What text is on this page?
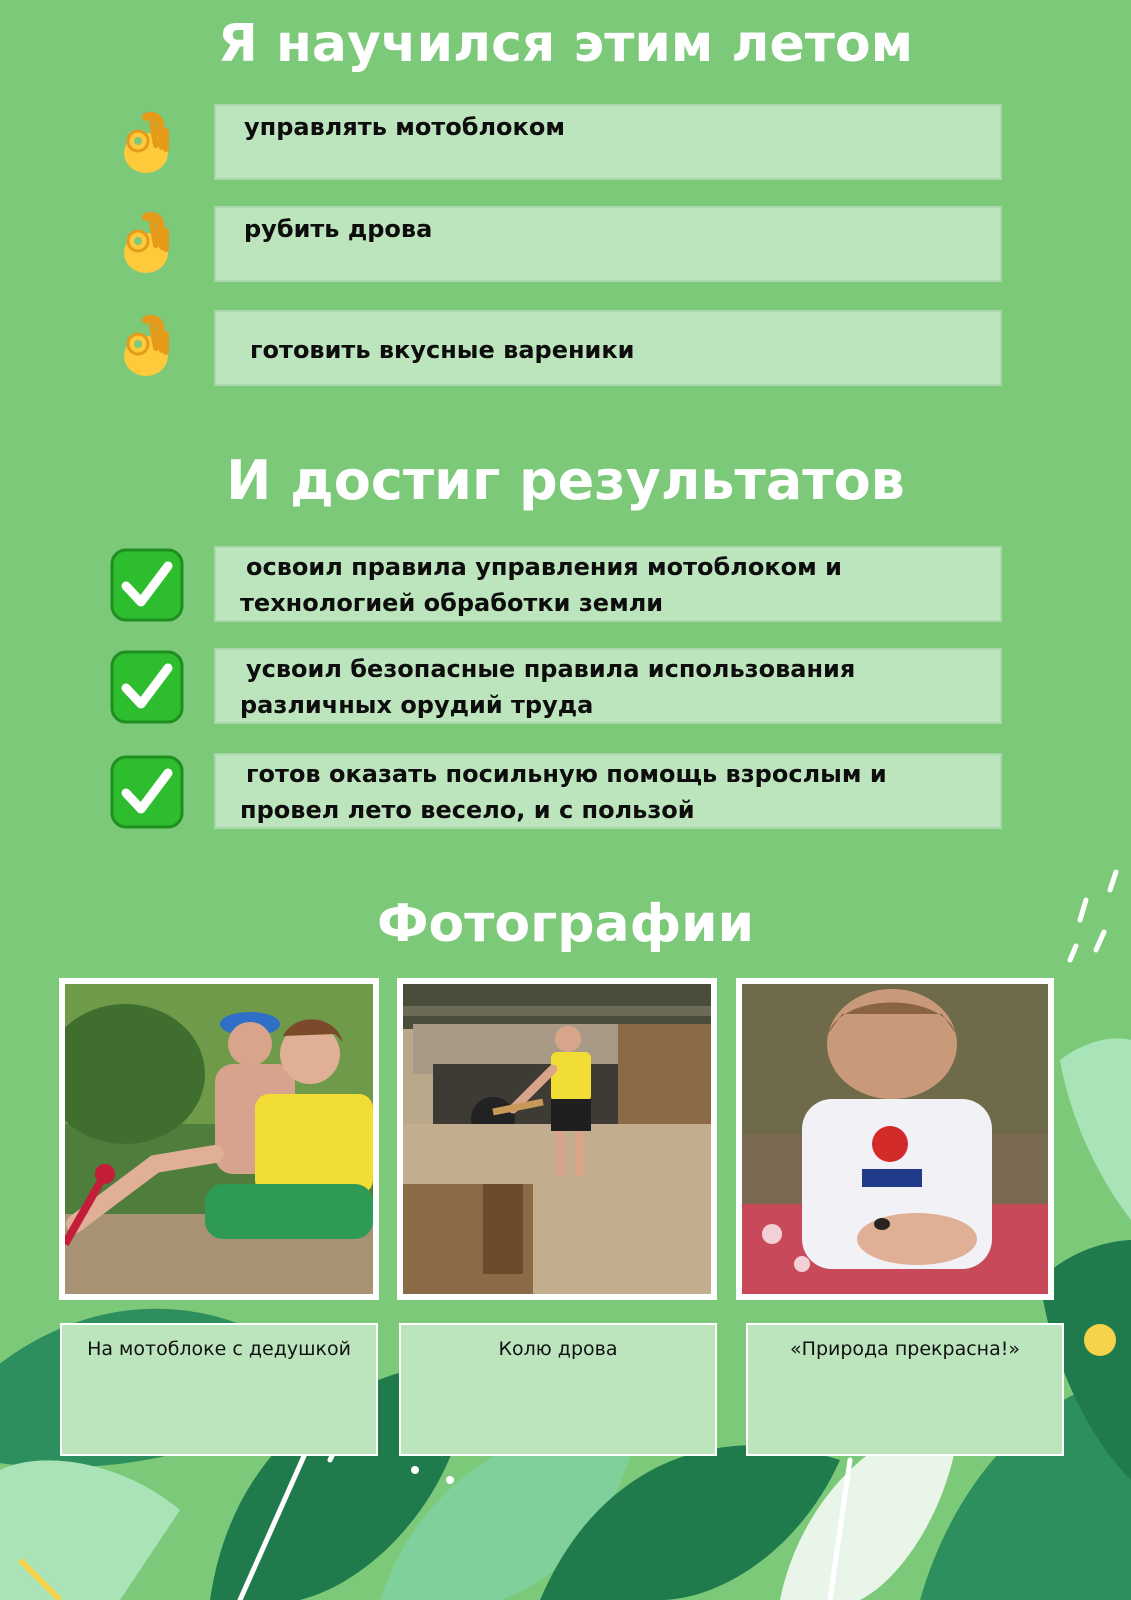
Я научился этим летом
управлять мотоблоком
рубить дрова
готовить вкусные вареники
И достиг результатов
освоил правила управления мотоблоком и технологией обработки земли
усвоил безопасные правила использования различных орудий труда
готов оказать посильную помощь взрослым и провел лето весело, и с пользой
Фотографии
На мотоблоке с дедушкой	Колю дрова	«Природа прекрасна!»
